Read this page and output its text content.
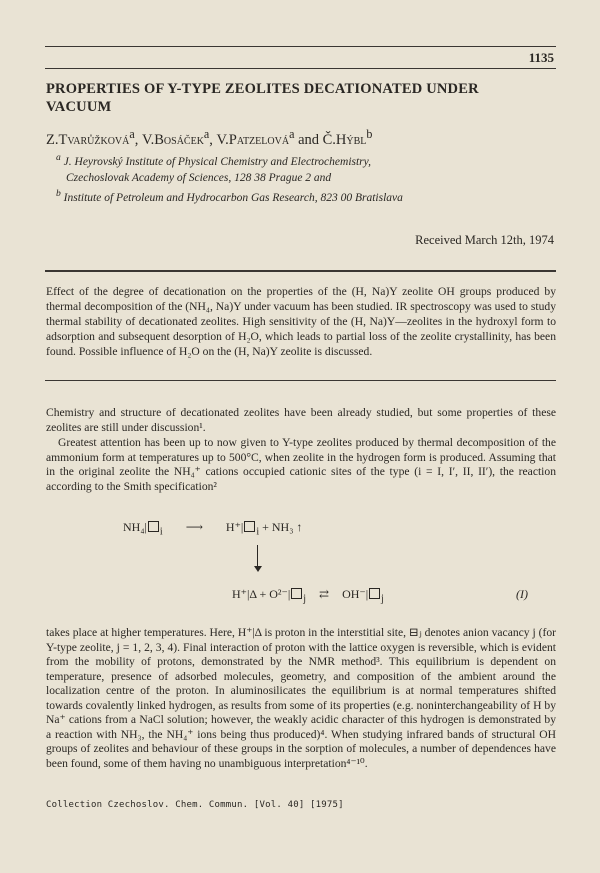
1135
PROPERTIES OF Y-TYPE ZEOLITES DECATIONATED UNDER VACUUM
Z.Tvarůžková$^a$, V.Bosáček$^a$, V.Patzelová$^a$ and Č.Hýbl$^b$
$^a$ J. Heyrovský Institute of Physical Chemistry and Electrochemistry,
Czechoslovak Academy of Sciences, 128 38 Prague 2 and
$^b$ Institute of Petroleum and Hydrocarbon Gas Research, 823 00 Bratislava
Received March 12th, 1974
Effect of the degree of decationation on the properties of the (H, Na)Y zeolite OH groups produced by thermal decomposition of the (NH₄, Na)Y under vacuum has been studied. IR spectroscopy was used to study thermal stability of decationated zeolites. High sensitivity of the (H, Na)Y—zeolites in the hydroxyl form to adsorption and subsequent desorption of H₂O, which leads to partial loss of the zeolite crystallinity, has been found. Possible influence of H₂O on the (H, Na)Y zeolite is discussed.
Chemistry and structure of decationated zeolites have been already studied, but some properties of these zeolites are still under discussion¹.
Greatest attention has been up to now given to Y-type zeolites produced by thermal decomposition of the ammonium form at temperatures up to 500°C, when zeolite in the hydrogen form is produced. Assuming that in the original zeolite the NH₄⁺ cations occupied cationic sites of the type (i = I, I′, II, II′), the reaction according to the Smith specification²
NH₄| $_i$ ⟶ H⁺| $_i$ + NH₃ ↑
H⁺|Δ + O²⁻| $_j$ ⇄ OH⁻| $_j$	(I)
takes place at higher temperatures. Here, H⁺|Δ is proton in the interstitial site, ⊟ⱼ denotes anion vacancy j (for Y-type zeolite, j = 1, 2, 3, 4). Final interaction of proton with the lattice oxygen is reversible, which is evident from the mobility of protons, demonstrated by the NMR method³. This equilibrium is dependent on temperature, presence of adsorbed molecules, geometry, and composition of the ambient around the localization centre of the proton. In aluminosilicates the equilibrium is at normal temperatures shifted towards covalently linked hydrogen, as results from some of its properties (e.g. noninterchangeability of H by Na⁺ cations from a NaCl solution; however, the weakly acidic character of this hydrogen is demonstrated by a reaction with NH₃, the NH₄⁺ ions being thus produced)⁴. When studying infrared bands of structural OH groups of zeolites and behaviour of these groups in the sorption of molecules, a number of dependences have been found, some of them having no unambiguous interpretation⁴⁻¹⁰.
Collection Czechoslov. Chem. Commun. [Vol. 40] [1975]
